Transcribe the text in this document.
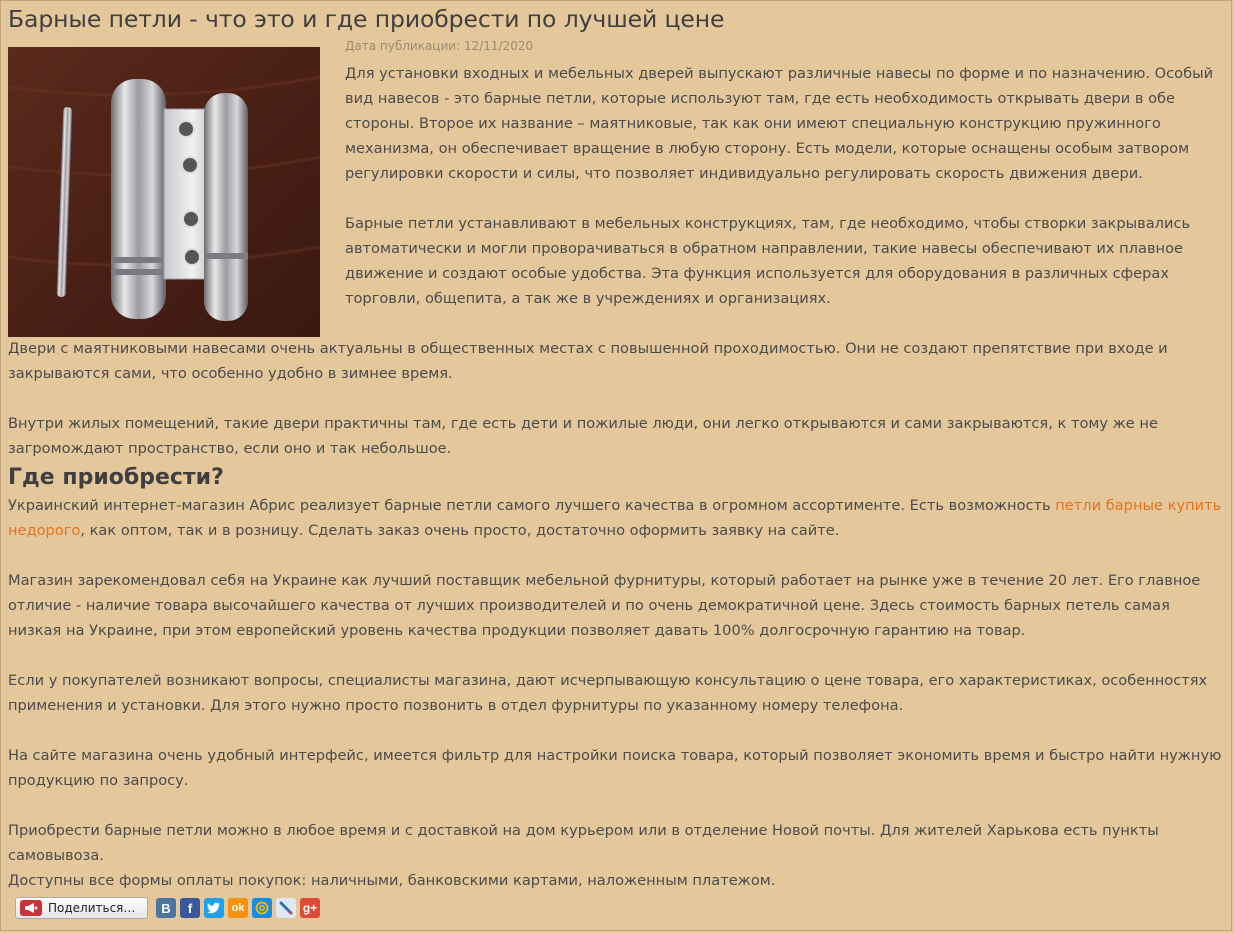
Барные петли - что это и где приобрести по лучшей цене
Дата публикации: 12/11/2020

Для установки входных и мебельных дверей выпускают различные навесы по форме и по назначению. Особый вид навесов - это барные петли, которые используют там, где есть необходимость открывать двери в обе стороны. Второе их название – маятниковые, так как они имеют специальную конструкцию пружинного механизма, он обеспечивает вращение в любую сторону. Есть модели, которые оснащены особым затвором регулировки скорости и силы, что позволяет индивидуально регулировать скорость движения двери.

Барные петли устанавливают в мебельных конструкциях, там, где необходимо, чтобы створки закрывались автоматически и могли проворачиваться в обратном направлении, такие навесы обеспечивают их плавное движение и создают особые удобства. Эта функция используется для оборудования в различных сферах торговли, общепита, а так же в учреждениях и организациях.

Двери с маятниковыми навесами очень актуальны в общественных местах с повышенной проходимостью. Они не создают препятствие при входе и закрываются сами, что особенно удобно в зимнее время.

Внутри жилых помещений, такие двери практичны там, где есть дети и пожилые люди, они легко открываются и сами закрываются, к тому же не загромождают пространство, если оно и так небольшое.

Где приобрести?

Украинский интернет-магазин Абрис реализует барные петли самого лучшего качества в огромном ассортименте. Есть возможность петли барные купить недорого, как оптом, так и в розницу. Сделать заказ очень просто, достаточно оформить заявку на сайте.

Магазин зарекомендовал себя на Украине как лучший поставщик мебельной фурнитуры, который работает на рынке уже в течение 20 лет. Его главное отличие - наличие товара высочайшего качества от лучших производителей и по очень демократичной цене. Здесь стоимость барных петель самая низкая на Украине, при этом европейский уровень качества продукции позволяет давать 100% долгосрочную гарантию на товар.

Если у покупателей возникают вопросы, специалисты магазина, дают исчерпывающую консультацию о цене товара, его характеристиках, особенностях применения и установки. Для этого нужно просто позвонить в отдел фурнитуры по указанному номеру телефона.

На сайте магазина очень удобный интерфейс, имеется фильтр для настройки поиска товара, который позволяет экономить время и быстро найти нужную продукцию по запросу.

Приобрести барные петли можно в любое время и с доставкой на дом курьером или в отделение Новой почты. Для жителей Харькова есть пункты самовывоза.

Доступны все формы оплаты покупок: наличными, банковскими картами, наложенным платежом.

Поделиться…	B	f	ok	g+
